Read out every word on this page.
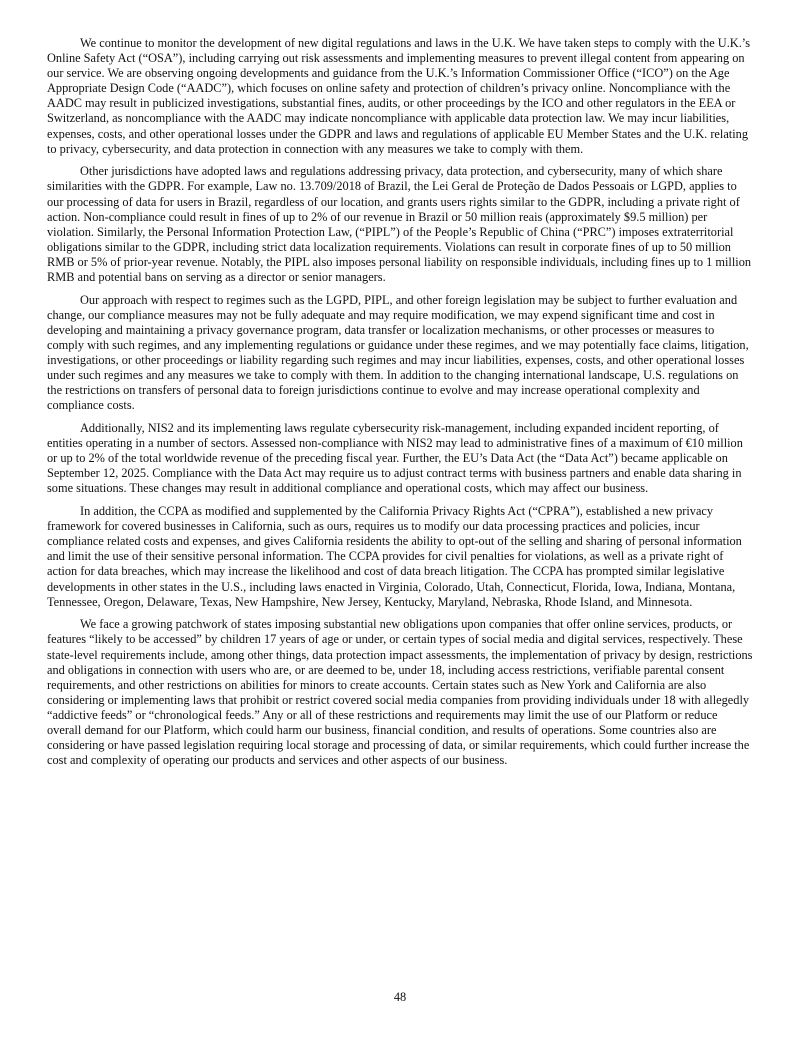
We continue to monitor the development of new digital regulations and laws in the U.K. We have taken steps to comply with the U.K.’s Online Safety Act (“OSA”), including carrying out risk assessments and implementing measures to prevent illegal content from appearing on our service. We are observing ongoing developments and guidance from the U.K.’s Information Commissioner Office (“ICO”) on the Age Appropriate Design Code (“AADC”), which focuses on online safety and protection of children’s privacy online. Noncompliance with the AADC may result in publicized investigations, substantial fines, audits, or other proceedings by the ICO and other regulators in the EEA or Switzerland, as noncompliance with the AADC may indicate noncompliance with applicable data protection law. We may incur liabilities, expenses, costs, and other operational losses under the GDPR and laws and regulations of applicable EU Member States and the U.K. relating to privacy, cybersecurity, and data protection in connection with any measures we take to comply with them.

Other jurisdictions have adopted laws and regulations addressing privacy, data protection, and cybersecurity, many of which share similarities with the GDPR. For example, Law no. 13.709/2018 of Brazil, the Lei Geral de Proteção de Dados Pessoais or LGPD, applies to our processing of data for users in Brazil, regardless of our location, and grants users rights similar to the GDPR, including a private right of action. Non-compliance could result in fines of up to 2% of our revenue in Brazil or 50 million reais (approximately $9.5 million) per violation. Similarly, the Personal Information Protection Law, (“PIPL”) of the People’s Republic of China (“PRC”) imposes extraterritorial obligations similar to the GDPR, including strict data localization requirements. Violations can result in corporate fines of up to 50 million RMB or 5% of prior-year revenue. Notably, the PIPL also imposes personal liability on responsible individuals, including fines up to 1 million RMB and potential bans on serving as a director or senior managers.

Our approach with respect to regimes such as the LGPD, PIPL, and other foreign legislation may be subject to further evaluation and change, our compliance measures may not be fully adequate and may require modification, we may expend significant time and cost in developing and maintaining a privacy governance program, data transfer or localization mechanisms, or other processes or measures to comply with such regimes, and any implementing regulations or guidance under these regimes, and we may potentially face claims, litigation, investigations, or other proceedings or liability regarding such regimes and may incur liabilities, expenses, costs, and other operational losses under such regimes and any measures we take to comply with them. In addition to the changing international landscape, U.S. regulations on the restrictions on transfers of personal data to foreign jurisdictions continue to evolve and may increase operational complexity and compliance costs.

Additionally, NIS2 and its implementing laws regulate cybersecurity risk-management, including expanded incident reporting, of entities operating in a number of sectors. Assessed non-compliance with NIS2 may lead to administrative fines of a maximum of €10 million or up to 2% of the total worldwide revenue of the preceding fiscal year. Further, the EU’s Data Act (the “Data Act”) became applicable on September 12, 2025. Compliance with the Data Act may require us to adjust contract terms with business partners and enable data sharing in some situations. These changes may result in additional compliance and operational costs, which may affect our business.

In addition, the CCPA as modified and supplemented by the California Privacy Rights Act (“CPRA”), established a new privacy framework for covered businesses in California, such as ours, requires us to modify our data processing practices and policies, incur compliance related costs and expenses, and gives California residents the ability to opt-out of the selling and sharing of personal information and limit the use of their sensitive personal information. The CCPA provides for civil penalties for violations, as well as a private right of action for data breaches, which may increase the likelihood and cost of data breach litigation. The CCPA has prompted similar legislative developments in other states in the U.S., including laws enacted in Virginia, Colorado, Utah, Connecticut, Florida, Iowa, Indiana, Montana, Tennessee, Oregon, Delaware, Texas, New Hampshire, New Jersey, Kentucky, Maryland, Nebraska, Rhode Island, and Minnesota.

We face a growing patchwork of states imposing substantial new obligations upon companies that offer online services, products, or features “likely to be accessed” by children 17 years of age or under, or certain types of social media and digital services, respectively. These state-level requirements include, among other things, data protection impact assessments, the implementation of privacy by design, restrictions and obligations in connection with users who are, or are deemed to be, under 18, including access restrictions, verifiable parental consent requirements, and other restrictions on abilities for minors to create accounts. Certain states such as New York and California are also considering or implementing laws that prohibit or restrict covered social media companies from providing individuals under 18 with allegedly “addictive feeds” or “chronological feeds.” Any or all of these restrictions and requirements may limit the use of our Platform or reduce overall demand for our Platform, which could harm our business, financial condition, and results of operations. Some countries also are considering or have passed legislation requiring local storage and processing of data, or similar requirements, which could further increase the cost and complexity of operating our products and services and other aspects of our business.

48
